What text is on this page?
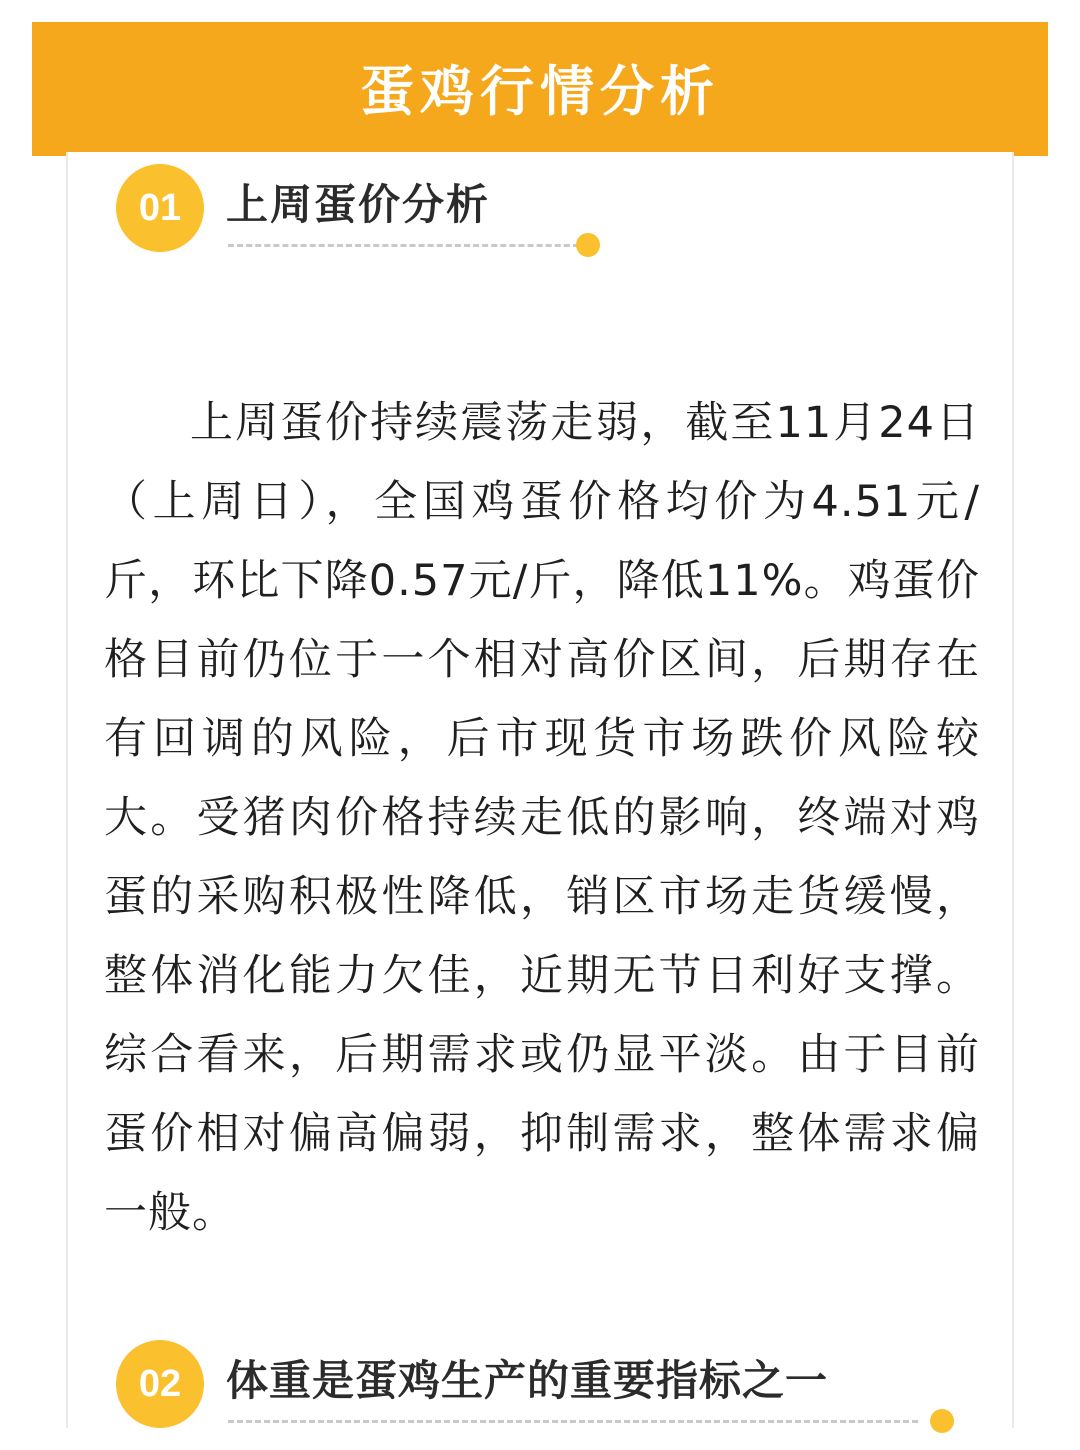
蛋鸡行情分析
01	上周蛋价分析
上周蛋价持续震荡走弱，截至11月24日（上周日），全国鸡蛋价格均价为4.51元/斤，环比下降0.57元/斤，降低11%。鸡蛋价格目前仍位于一个相对高价区间，后期存在有回调的风险，后市现货市场跌价风险较大。受猪肉价格持续走低的影响，终端对鸡蛋的采购积极性降低，销区市场走货缓慢，整体消化能力欠佳，近期无节日利好支撑。综合看来，后期需求或仍显平淡。由于目前蛋价相对偏高偏弱，抑制需求，整体需求偏一般。
02	体重是蛋鸡生产的重要指标之一
